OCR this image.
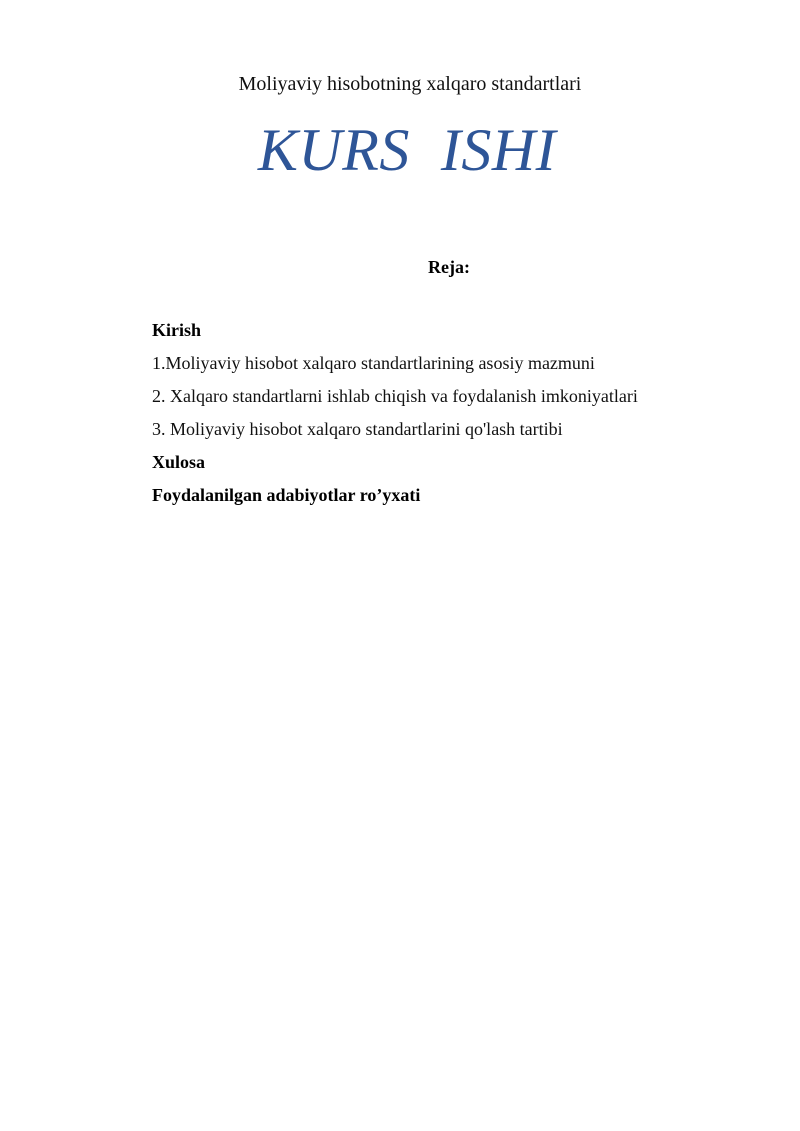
Moliyaviy hisobotning xalqaro standartlari
KURS  ISHI
Reja:
Kirish
1.Moliyaviy hisobot xalqaro standartlarining asosiy mazmuni
2. Xalqaro standartlarni ishlab chiqish va foydalanish imkoniyatlari
3. Moliyaviy hisobot xalqaro standartlarini qo'lash tartibi
Xulosa
Foydalanilgan adabiyotlar ro’yxati
